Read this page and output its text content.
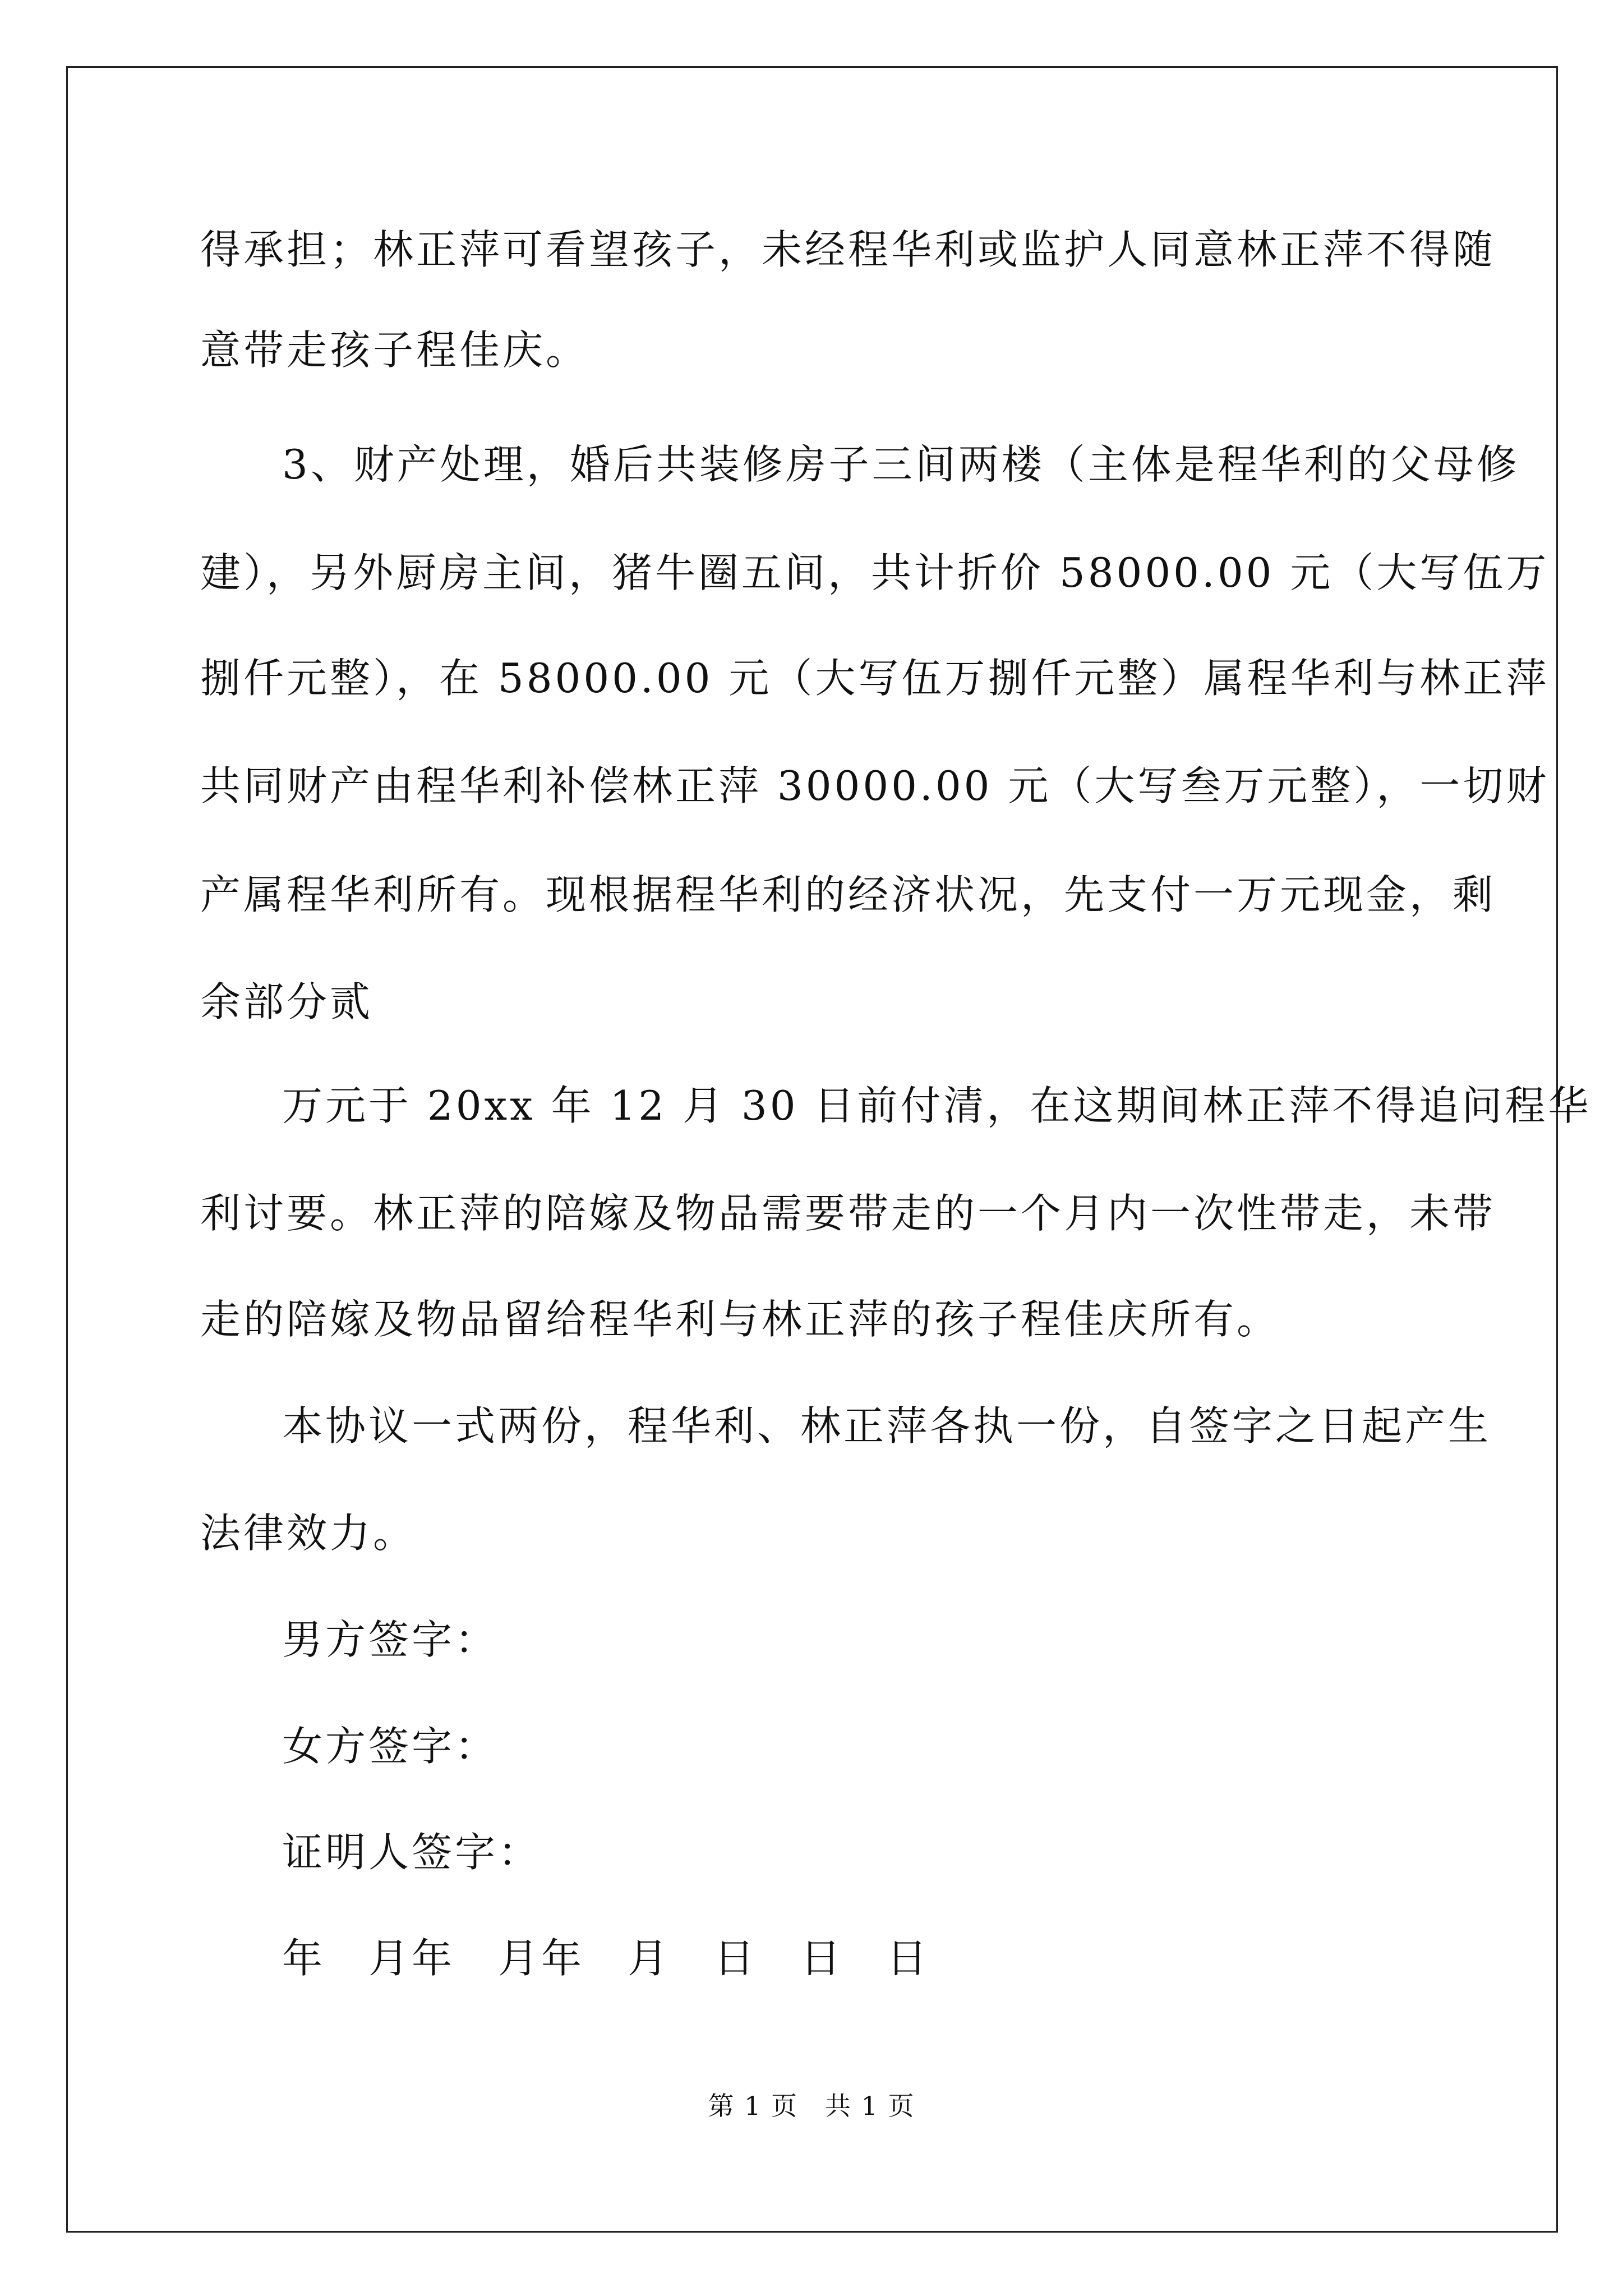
得承担；林正萍可看望孩子，未经程华利或监护人同意林正萍不得随
意带走孩子程佳庆。
3、财产处理，婚后共装修房子三间两楼（主体是程华利的父母修
建），另外厨房主间，猪牛圈五间，共计折价 58000.00 元（大写伍万
捌仟元整），在 58000.00 元（大写伍万捌仟元整）属程华利与林正萍
共同财产由程华利补偿林正萍 30000.00 元（大写叁万元整），一切财
产属程华利所有。现根据程华利的经济状况，先支付一万元现金，剩
余部分贰
万元于 20xx 年 12 月 30 日前付清，在这期间林正萍不得追问程华
利讨要。林正萍的陪嫁及物品需要带走的一个月内一次性带走，未带
走的陪嫁及物品留给程华利与林正萍的孩子程佳庆所有。
本协议一式两份，程华利、林正萍各执一份，自签字之日起产生
法律效力。
男方签字：
女方签字：
证明人签字：
年　月年　月年　月　日　日　日
第 1 页　共 1 页
